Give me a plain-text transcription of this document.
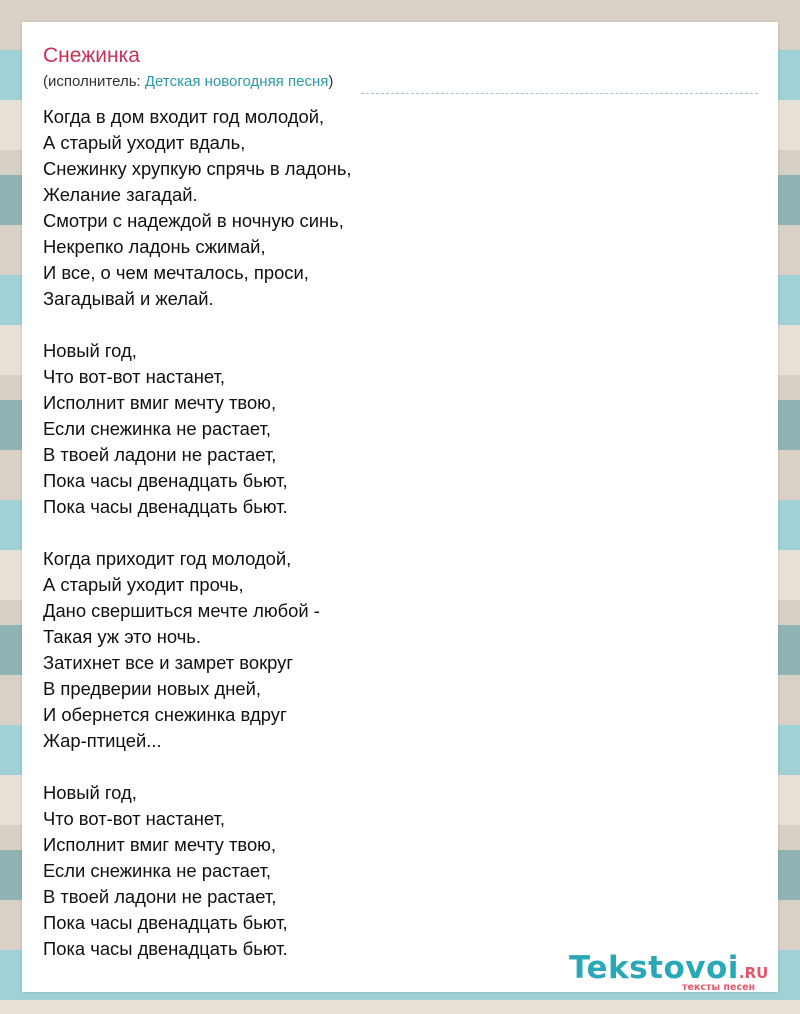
Снежинка
(исполнитель: Детская новогодняя песня)
Когда в дом входит год молодой,
А старый уходит вдаль,
Снежинку хрупкую спрячь в ладонь,
Желание загадай.
Смотри с надеждой в ночную синь,
Некрепко ладонь сжимай,
И все, о чем мечталось, проси,
Загадывай и желай.
Новый год,
Что вот-вот настанет,
Исполнит вмиг мечту твою,
Если снежинка не растает,
В твоей ладони не растает,
Пока часы двенадцать бьют,
Пока часы двенадцать бьют.
Когда приходит год молодой,
А старый уходит прочь,
Дано свершиться мечте любой -
Такая уж это ночь.
Затихнет все и замрет вокруг
В предверии новых дней,
И обернется снежинка вдруг
Жар-птицей...
Новый год,
Что вот-вот настанет,
Исполнит вмиг мечту твою,
Если снежинка не растает,
В твоей ладони не растает,
Пока часы двенадцать бьют,
Пока часы двенадцать бьют.
Tekstovoi.RU
тексты песен
